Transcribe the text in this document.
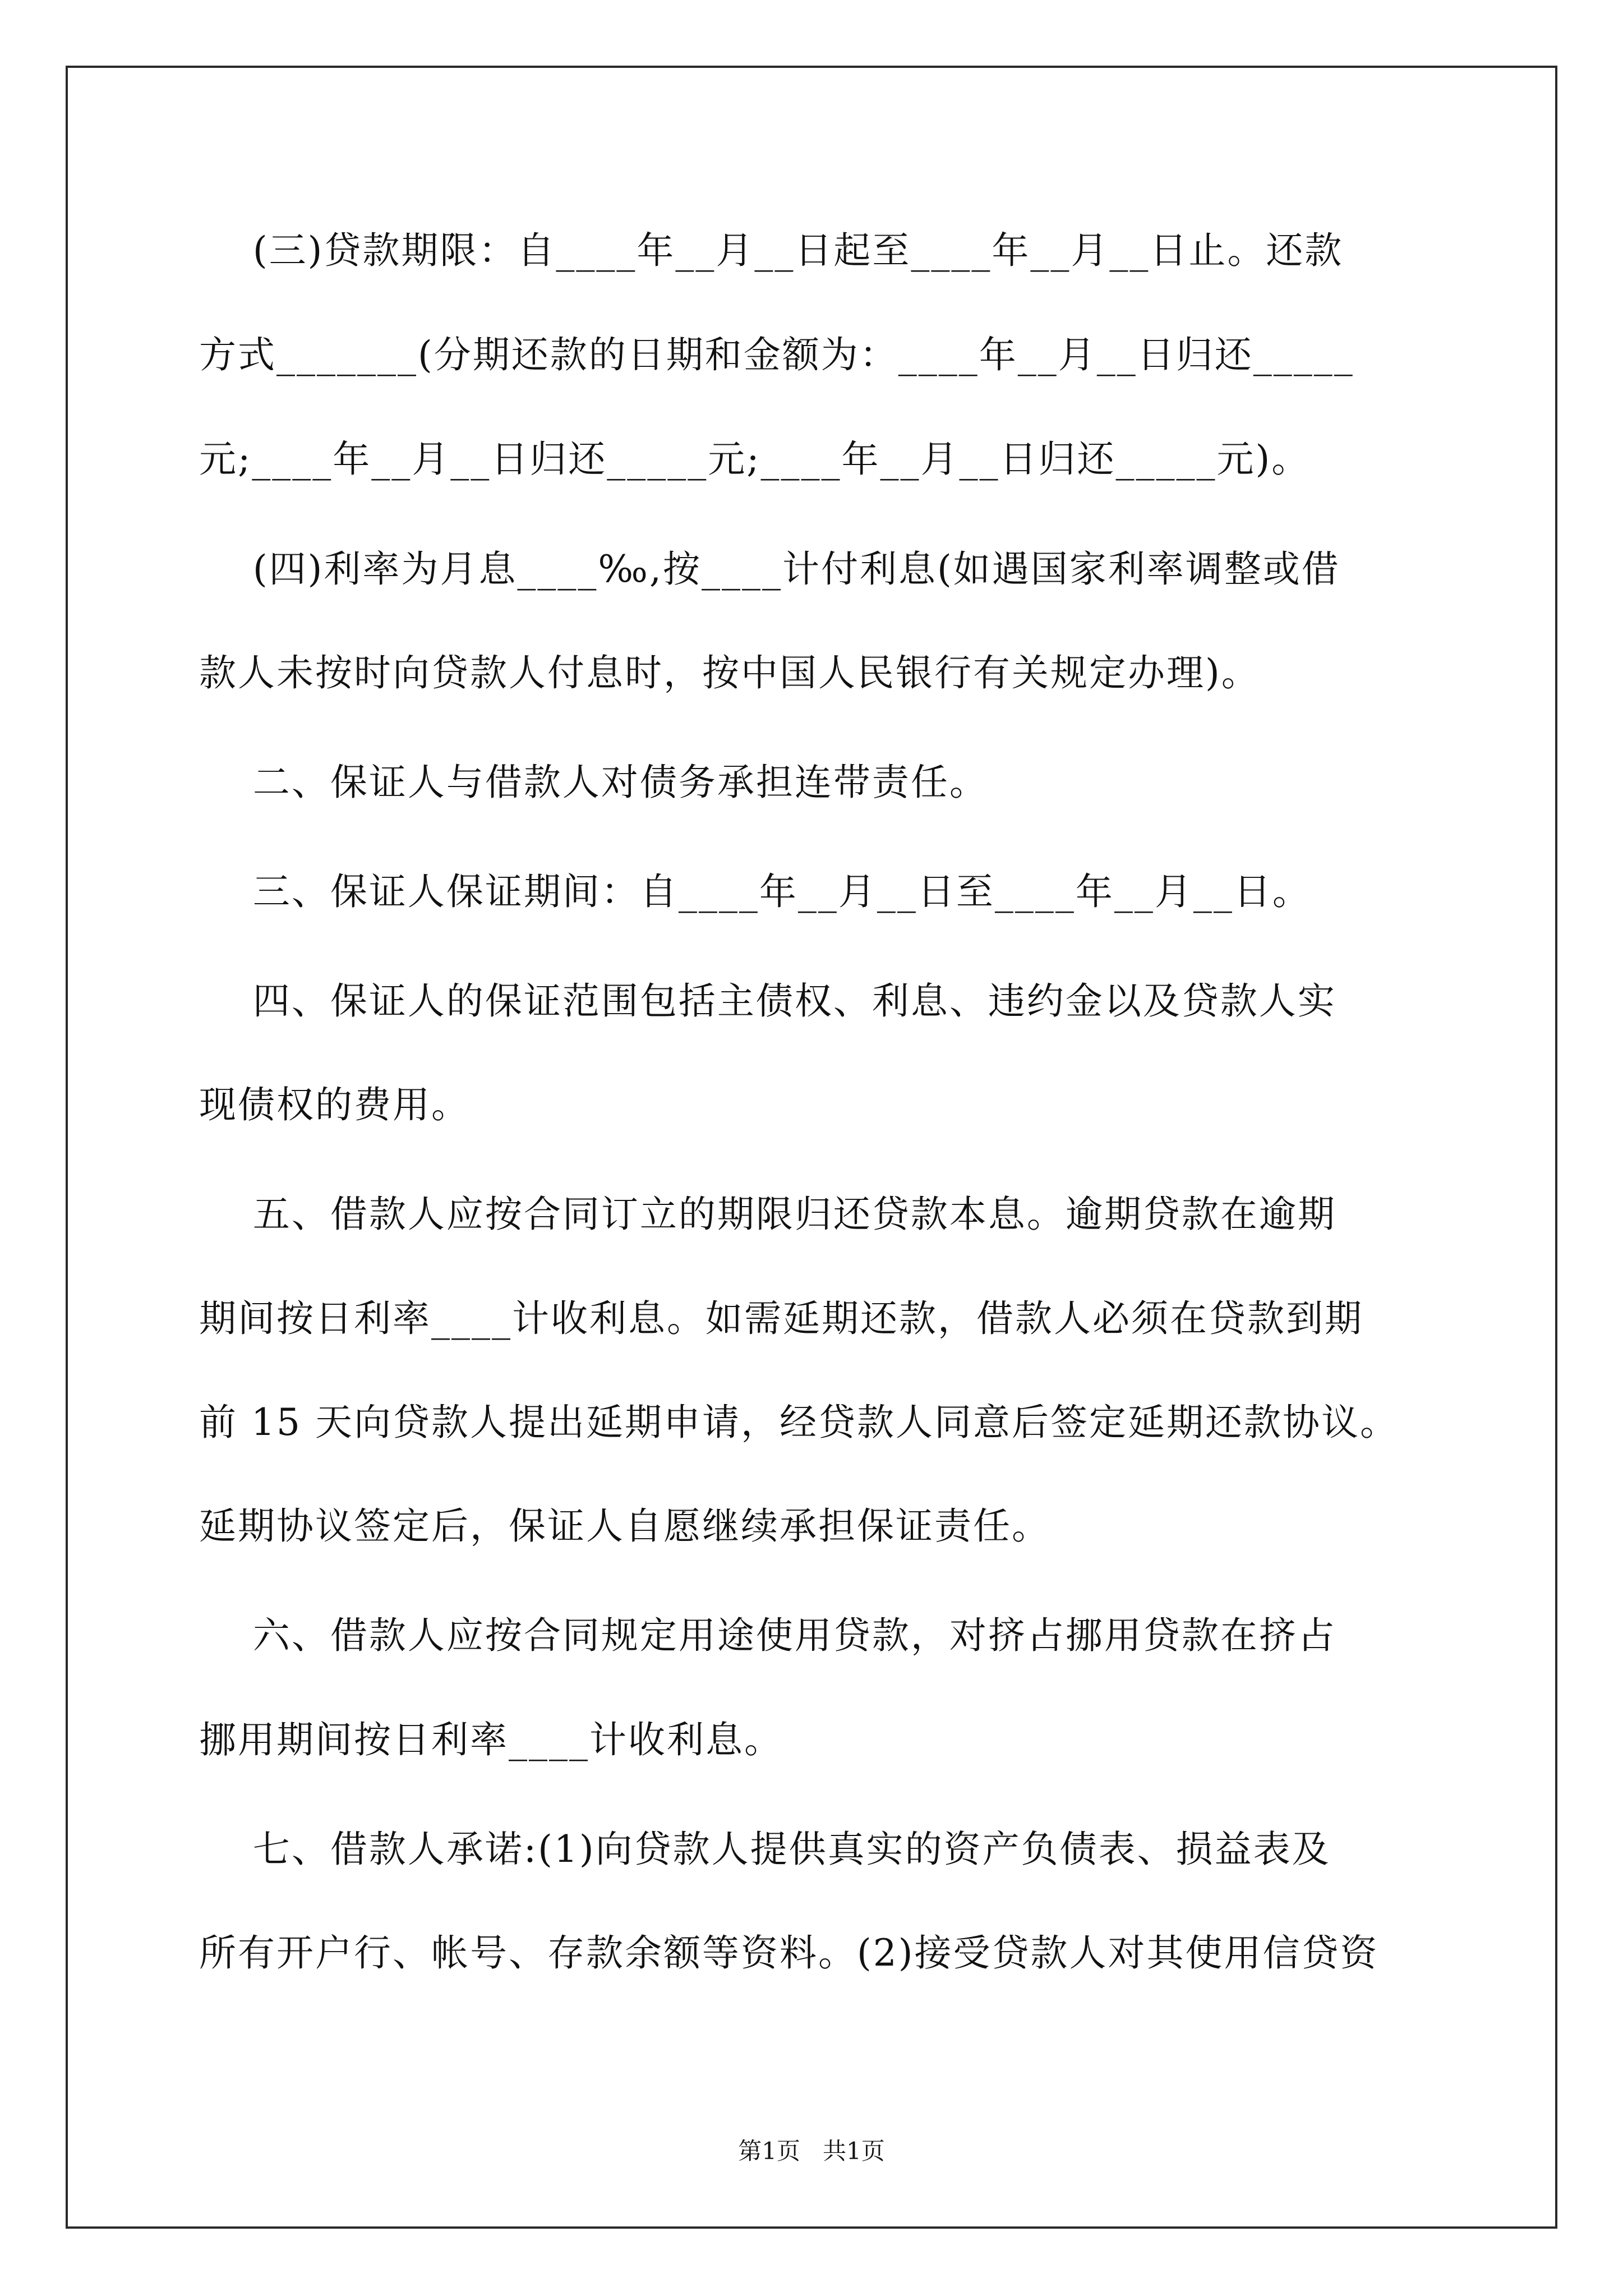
(三)贷款期限：自____年__月__日起至____年__月__日止。还款
方式_______(分期还款的日期和金额为：____年__月__日归还_____
元;____年__月__日归还_____元;____年__月__日归还_____元)。
(四)利率为月息____‰,按____计付利息(如遇国家利率调整或借
款人未按时向贷款人付息时，按中国人民银行有关规定办理)。
二、保证人与借款人对债务承担连带责任。
三、保证人保证期间：自____年__月__日至____年__月__日。
四、保证人的保证范围包括主债权、利息、违约金以及贷款人实
现债权的费用。
五、借款人应按合同订立的期限归还贷款本息。逾期贷款在逾期
期间按日利率____计收利息。如需延期还款，借款人必须在贷款到期
前 15 天向贷款人提出延期申请，经贷款人同意后签定延期还款协议。
延期协议签定后，保证人自愿继续承担保证责任。
六、借款人应按合同规定用途使用贷款，对挤占挪用贷款在挤占
挪用期间按日利率____计收利息。
七、借款人承诺:(1)向贷款人提供真实的资产负债表、损益表及
所有开户行、帐号、存款余额等资料。(2)接受贷款人对其使用信贷资
第1页   共1页
